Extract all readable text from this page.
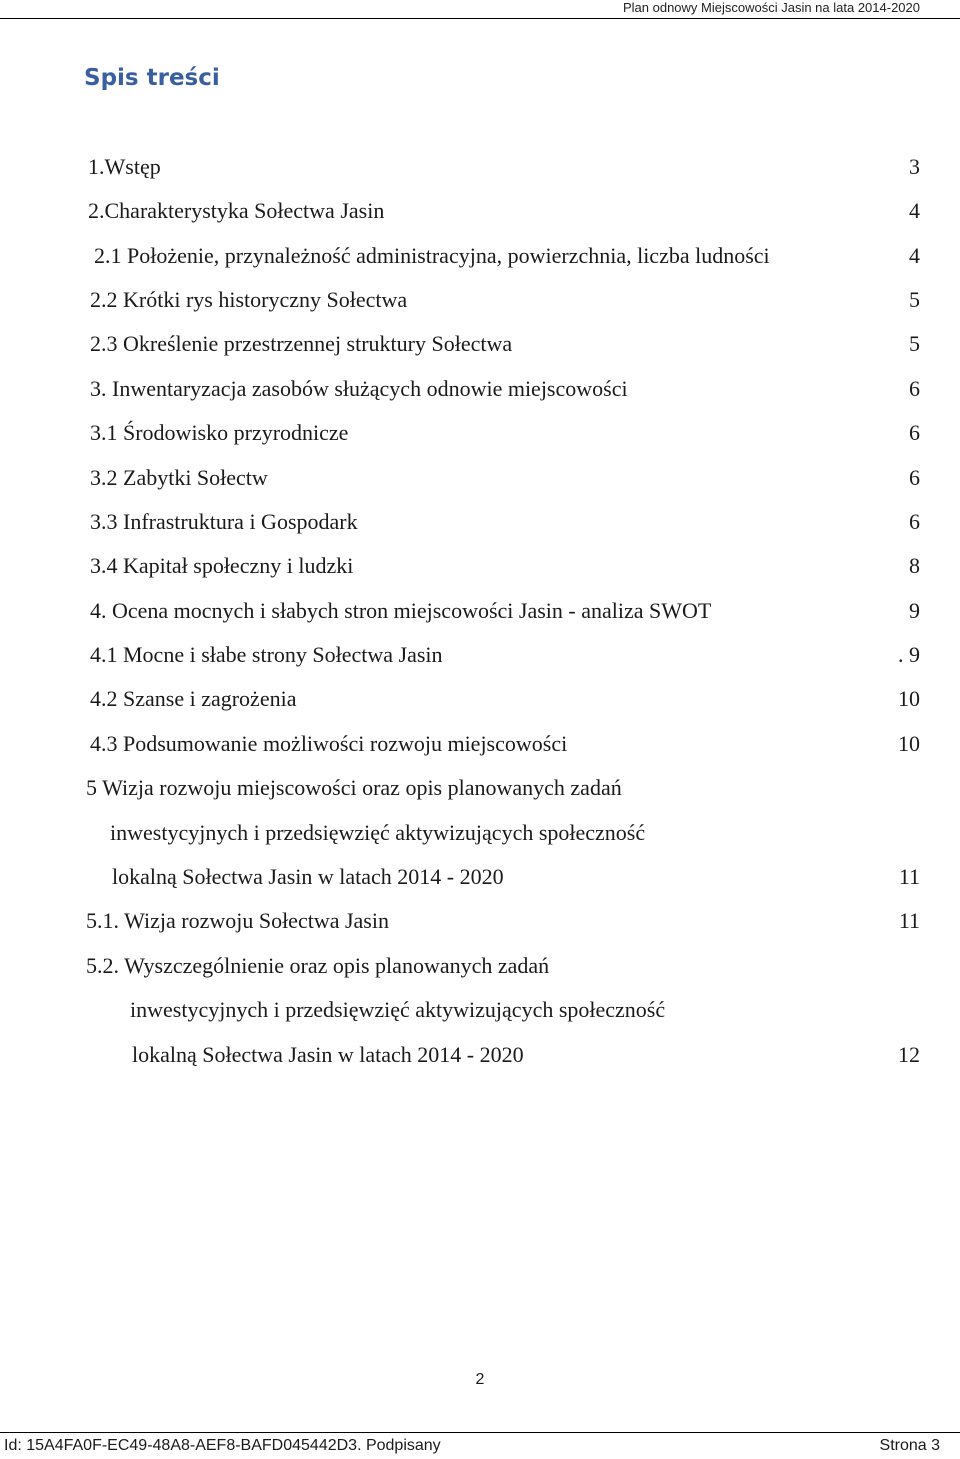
Plan odnowy Miejscowości Jasin na lata 2014-2020
Spis treści
1.Wstęp	3
2.Charakterystyka Sołectwa Jasin	4
2.1 Położenie, przynależność administracyjna, powierzchnia, liczba ludności	4
2.2 Krótki rys historyczny Sołectwa	5
2.3 Określenie przestrzennej struktury Sołectwa	5
3. Inwentaryzacja zasobów służących odnowie miejscowości	6
3.1 Środowisko przyrodnicze	6
3.2 Zabytki Sołectw	6
3.3 Infrastruktura i Gospodark	6
3.4 Kapitał społeczny i ludzki	8
4. Ocena mocnych i słabych stron miejscowości Jasin - analiza SWOT	9
4.1 Mocne i słabe strony Sołectwa Jasin	. 9
4.2 Szanse i zagrożenia	10
4.3 Podsumowanie możliwości rozwoju miejscowości	10
5 Wizja rozwoju miejscowości oraz opis planowanych zadań
inwestycyjnych i przedsięwzięć aktywizujących społeczność
lokalną Sołectwa Jasin w latach 2014 - 2020	11
5.1. Wizja rozwoju Sołectwa Jasin	11
5.2. Wyszczególnienie oraz opis planowanych zadań
inwestycyjnych i przedsięwzięć aktywizujących społeczność
lokalną Sołectwa Jasin w latach 2014 - 2020	12
2
Id: 15A4FA0F-EC49-48A8-AEF8-BAFD045442D3. Podpisany	Strona 3
